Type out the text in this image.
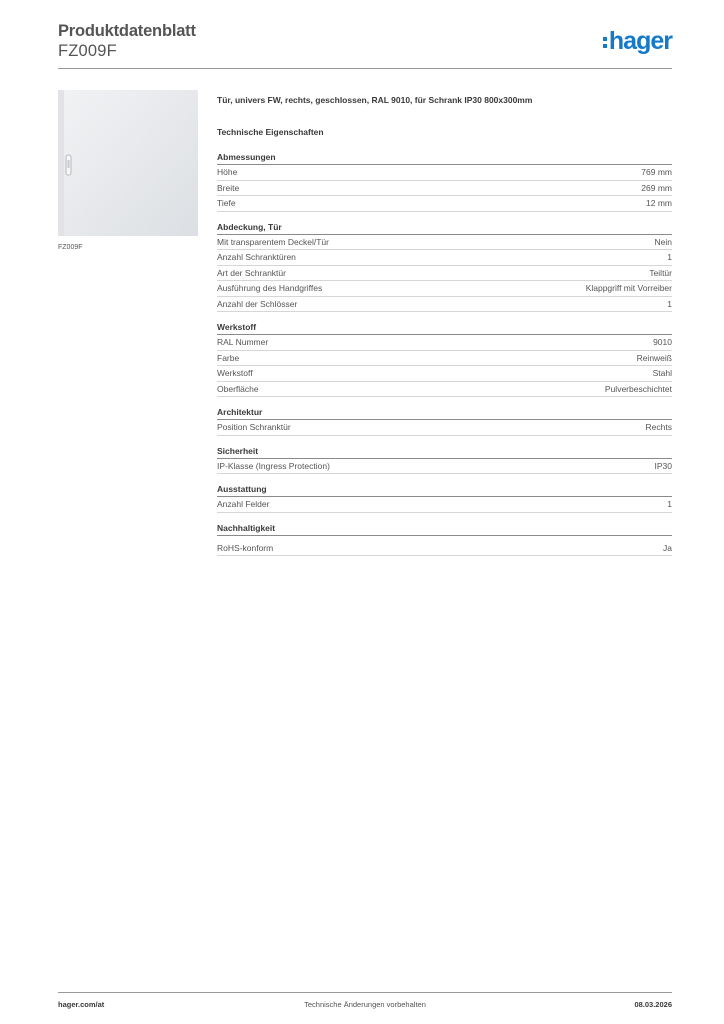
Produktdatenblatt
FZ009F	hager
FZ009F
Tür, univers FW, rechts, geschlossen, RAL 9010, für Schrank IP30 800x300mm
Technische Eigenschaften
Abmessungen
Höhe	769 mm
Breite	269 mm
Tiefe	12 mm
Abdeckung, Tür
Mit transparentem Deckel/Tür	Nein
Anzahl Schranktüren	1
Art der Schranktür	Teiltür
Ausführung des Handgriffes	Klappgriff mit Vorreiber
Anzahl der Schlösser	1
Werkstoff
RAL Nummer	9010
Farbe	Reinweiß
Werkstoff	Stahl
Oberfläche	Pulverbeschichtet
Architektur
Position Schranktür	Rechts
Sicherheit
IP-Klasse (Ingress Protection)	IP30
Ausstattung
Anzahl Felder	1
Nachhaltigkeit
RoHS-konform	Ja
hager.com/at	Technische Änderungen vorbehalten	08.03.2026
